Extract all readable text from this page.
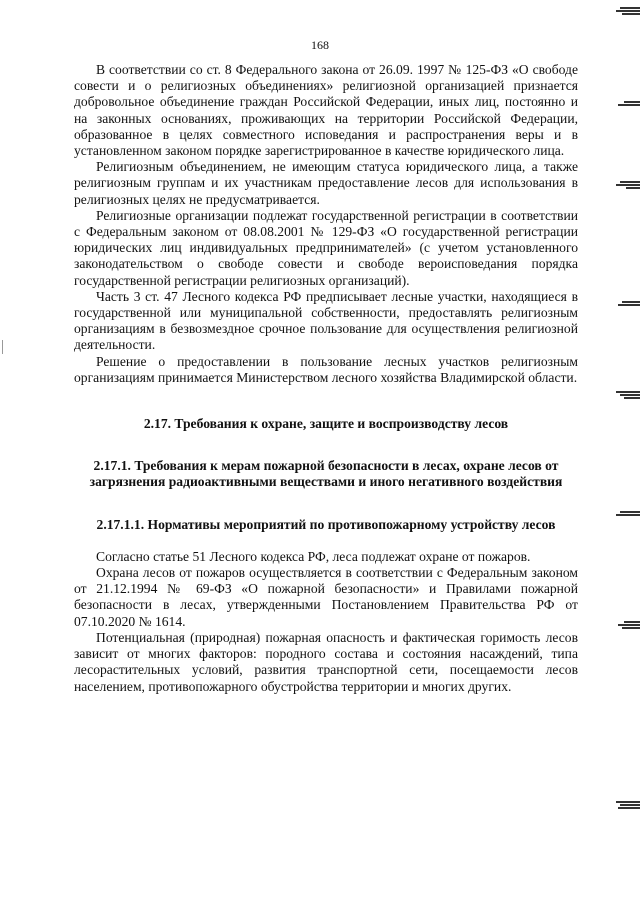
168

В соответствии со ст. 8 Федерального закона от 26.09. 1997 № 125-ФЗ «О свободе совести и о религиозных объединениях» религиозной организацией признается добровольное объединение граждан Российской Федерации, иных лиц, постоянно и на законных основаниях, проживающих на территории Российской Федерации, образованное в целях совместного исповедания и распространения веры и в установленном законом порядке зарегистрированное в качестве юридического лица.

Религиозным объединением, не имеющим статуса юридического лица, а также религиозным группам и их участникам предоставление лесов для использования в религиозных целях не предусматривается.

Религиозные организации подлежат государственной регистрации в соответствии с Федеральным законом от 08.08.2001 № 129-ФЗ «О государственной регистрации юридических лиц индивидуальных предпринимателей» (с учетом установленного законодательством о свободе совести и свободе вероисповедания порядка государственной регистрации религиозных организаций).

Часть 3 ст. 47 Лесного кодекса РФ предписывает лесные участки, находящиеся в государственной или муниципальной собственности, предоставлять религиозным организациям в безвозмездное срочное пользование для осуществления религиозной деятельности.

Решение о предоставлении в пользование лесных участков религиозным организациям принимается Министерством лесного хозяйства Владимирской области.

2.17. Требования к охране, защите и воспроизводству лесов
2.17.1. Требования к мерам пожарной безопасности в лесах, охране лесов от загрязнения радиоактивными веществами и иного негативного воздействия
2.17.1.1. Нормативы мероприятий по противопожарному устройству лесов

Согласно статье 51 Лесного кодекса РФ, леса подлежат охране от пожаров.

Охрана лесов от пожаров осуществляется в соответствии с Федеральным законом от 21.12.1994 № 69-ФЗ «О пожарной безопасности» и Правилами пожарной безопасности в лесах, утвержденными Постановлением Правительства РФ от 07.10.2020 № 1614.

Потенциальная (природная) пожарная опасность и фактическая горимость лесов зависит от многих факторов: породного состава и состояния насаждений, типа лесорастительных условий, развития транспортной сети, посещаемости лесов населением, противопожарного обустройства территории и многих других.
